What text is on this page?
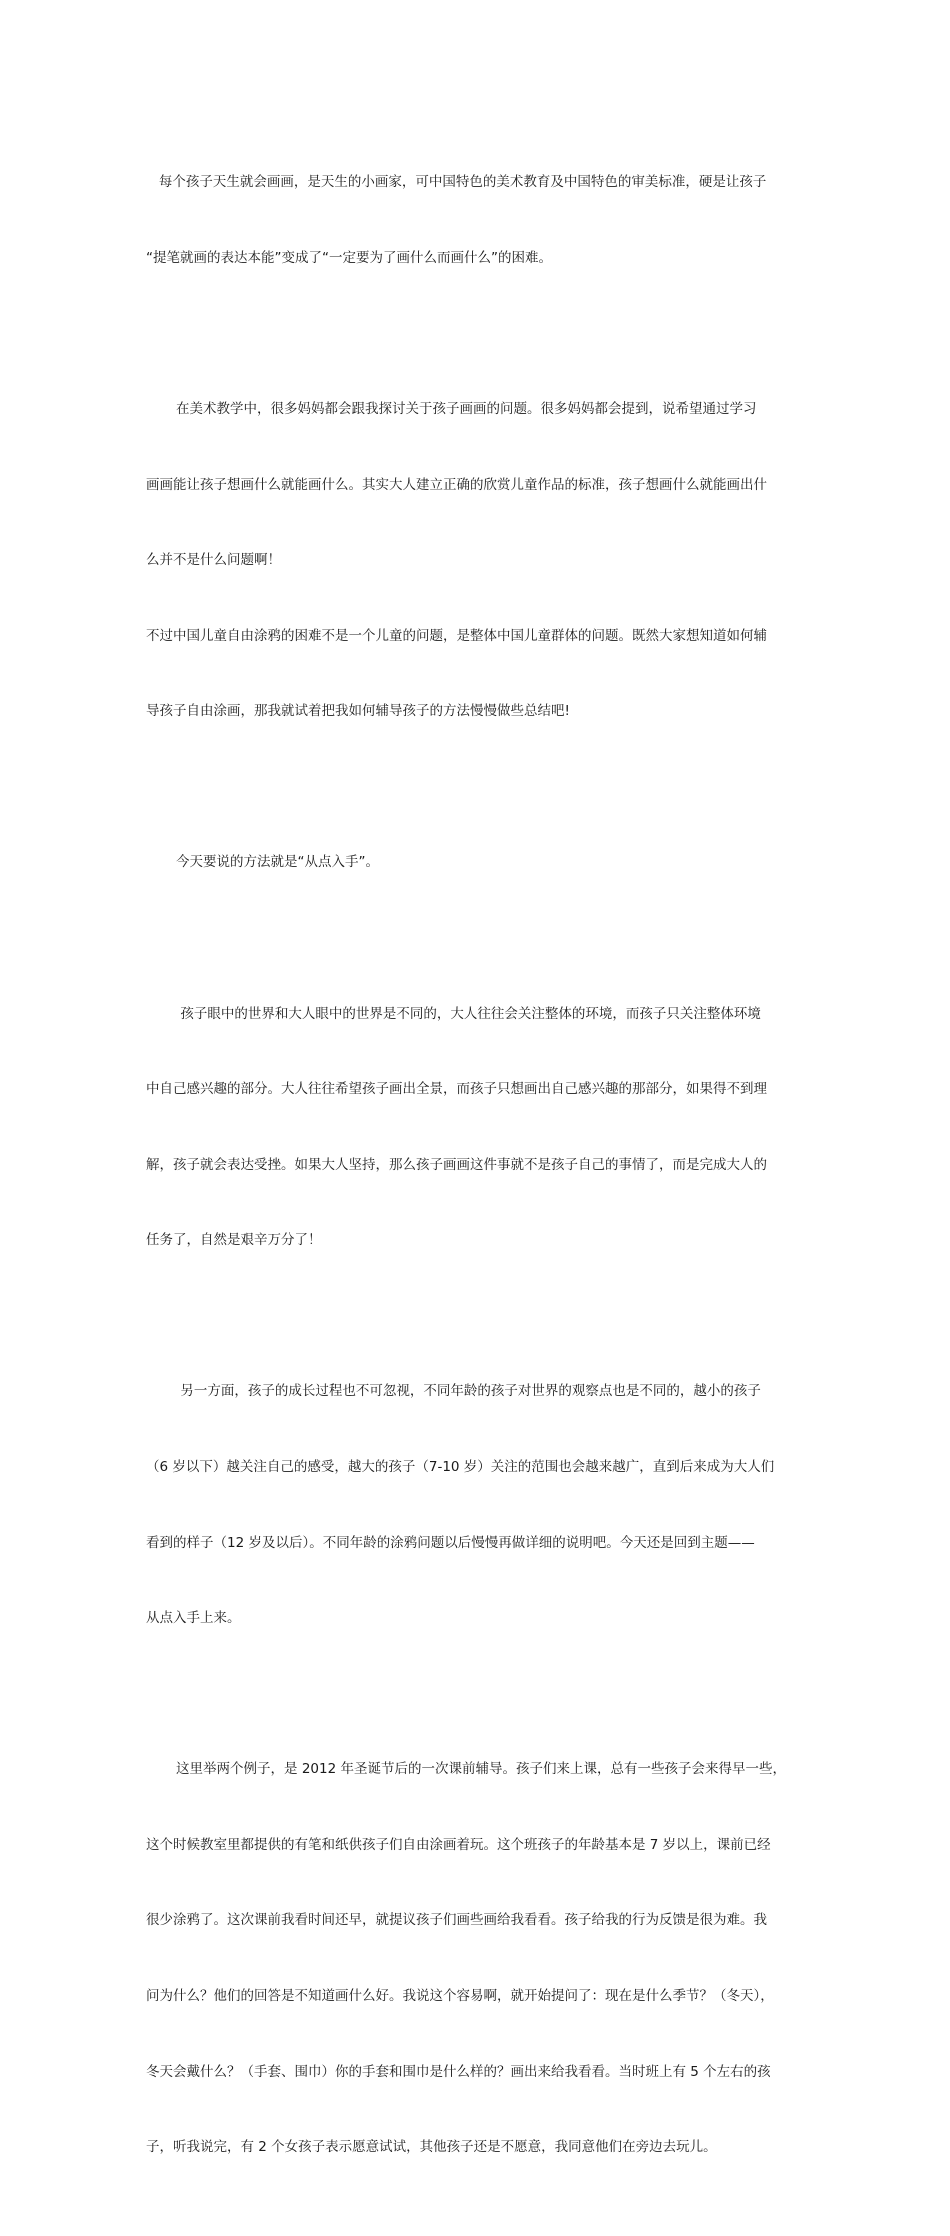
每个孩子天生就会画画，是天生的小画家，可中国特色的美术教育及中国特色的审美标准，硬是让孩子

“提笔就画的表达本能”变成了“一定要为了画什么而画什么”的困难。

在美术教学中，很多妈妈都会跟我探讨关于孩子画画的问题。很多妈妈都会提到，说希望通过学习

画画能让孩子想画什么就能画什么。其实大人建立正确的欣赏儿童作品的标准，孩子想画什么就能画出什

么并不是什么问题啊！

不过中国儿童自由涂鸦的困难不是一个儿童的问题，是整体中国儿童群体的问题。既然大家想知道如何辅

导孩子自由涂画，那我就试着把我如何辅导孩子的方法慢慢做些总结吧!

今天要说的方法就是“从点入手”。

孩子眼中的世界和大人眼中的世界是不同的，大人往往会关注整体的环境，而孩子只关注整体环境

中自己感兴趣的部分。大人往往希望孩子画出全景，而孩子只想画出自己感兴趣的那部分，如果得不到理

解，孩子就会表达受挫。如果大人坚持，那么孩子画画这件事就不是孩子自己的事情了，而是完成大人的

任务了，自然是艰辛万分了！

另一方面，孩子的成长过程也不可忽视，不同年龄的孩子对世界的观察点也是不同的，越小的孩子

（6 岁以下）越关注自己的感受，越大的孩子（7-10 岁）关注的范围也会越来越广，直到后来成为大人们

看到的样子（12 岁及以后）。不同年龄的涂鸦问题以后慢慢再做详细的说明吧。今天还是回到主题——

从点入手上来。

这里举两个例子，是 2012 年圣诞节后的一次课前辅导。孩子们来上课，总有一些孩子会来得早一些，

这个时候教室里都提供的有笔和纸供孩子们自由涂画着玩。这个班孩子的年龄基本是 7 岁以上，课前已经

很少涂鸦了。这次课前我看时间还早，就提议孩子们画些画给我看看。孩子给我的行为反馈是很为难。我

问为什么？他们的回答是不知道画什么好。我说这个容易啊，就开始提问了：现在是什么季节？（冬天），

冬天会戴什么？（手套、围巾）你的手套和围巾是什么样的？画出来给我看看。当时班上有 5 个左右的孩

子，听我说完，有 2 个女孩子表示愿意试试，其他孩子还是不愿意，我同意他们在旁边去玩儿。
